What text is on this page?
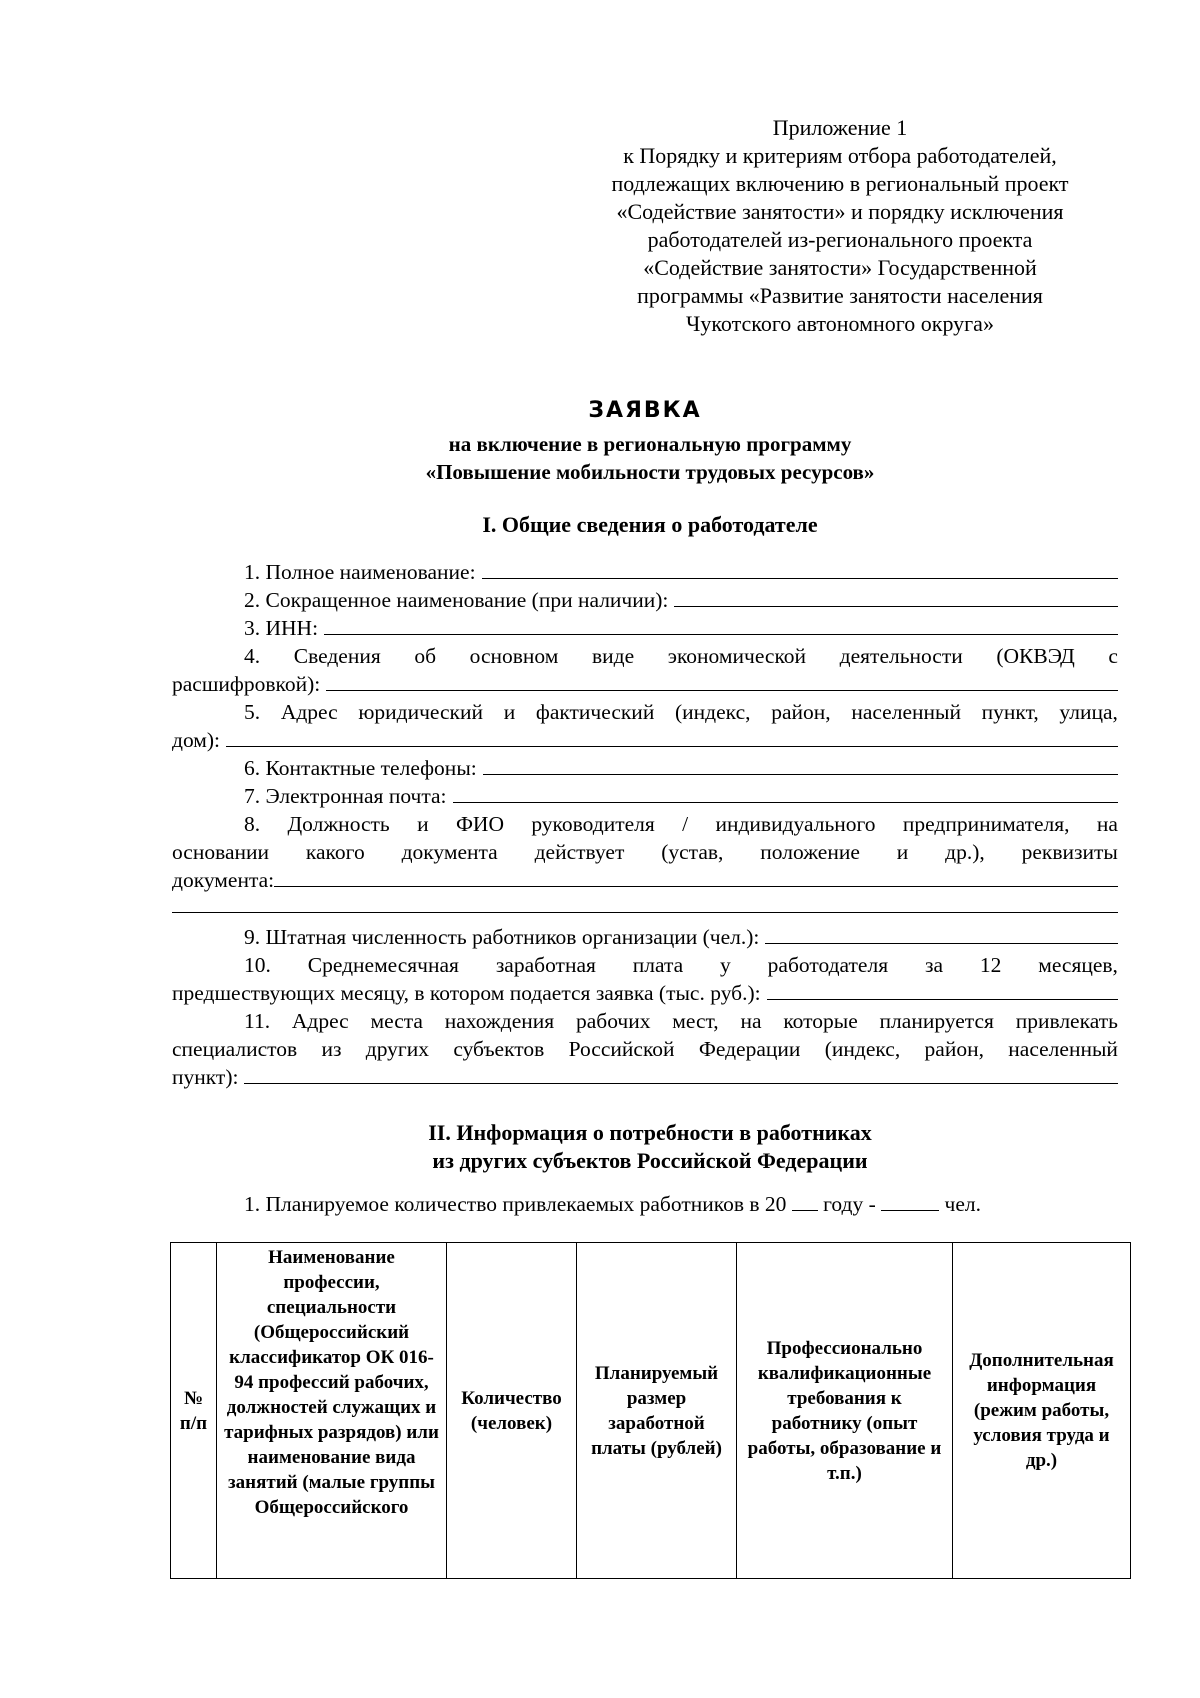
Приложение 1
к Порядку и критериям отбора работодателей,
подлежащих включению в региональный проект
«Содействие занятости» и порядку исключения
работодателей из-регионального проекта
«Содействие занятости» Государственной
программы «Развитие занятости населения
Чукотского автономного округа»
ЗАЯВКА
на включение в региональную программу
«Повышение мобильности трудовых ресурсов»
I. Общие сведения о работодателе
1. Полное наименование:
2. Сокращенное наименование (при наличии):
3. ИНН:
4. Сведения об основном виде экономической деятельности (ОКВЭД с
расшифровкой):
5. Адрес юридический и фактический (индекс, район, населенный пункт, улица,
дом):
6. Контактные телефоны:
7. Электронная почта:
8. Должность и ФИО руководителя / индивидуального предпринимателя, на
основании какого документа действует (устав, положение и др.), реквизиты
документа:
9. Штатная численность работников организации (чел.):
10. Среднемесячная заработная плата у работодателя за 12 месяцев,
предшествующих месяцу, в котором подается заявка (тыс. руб.):
11. Адрес места нахождения рабочих мест, на которые планируется привлекать
специалистов из других субъектов Российской Федерации (индекс, район, населенный
пункт):
II. Информация о потребности в работниках
из других субъектов Российской Федерации
1. Планируемое количество привлекаемых работников в 20 году -	чел.
№ п/п	Наименование профессии, специальности (Общероссийский классификатор ОК 016-94 профессий рабочих, должностей служащих и тарифных разрядов) или наименование вида занятий (малые группы Общероссийского	Количество (человек)	Планируемый размер заработной платы (рублей)	Профессионально квалификационные требования к работнику (опыт работы, образование и т.п.)	Дополнительная информация (режим работы, условия труда и др.)
